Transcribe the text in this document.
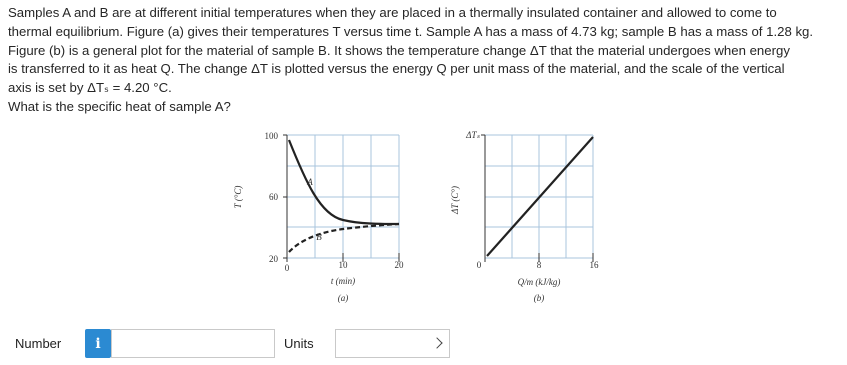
Samples A and B are at different initial temperatures when they are placed in a thermally insulated container and allowed to come to

thermal equilibrium. Figure (a) gives their temperatures T versus time t. Sample A has a mass of 4.73 kg; sample B has a mass of 1.28 kg.

Figure (b) is a general plot for the material of sample B. It shows the temperature change ΔT that the material undergoes when energy

is transferred to it as heat Q. The change ΔT is plotted versus the energy Q per unit mass of the material, and the scale of the vertical

axis is set by ΔTₛ = 4.20 °C.

What is the specific heat of sample A?

100
60
20
0	10	20
t (min)
(a)
T (°C)
A
B
ΔTₛ
0	8	16
Q/m (kJ/kg)
(b)
ΔT (C°)
Number	i	Units
